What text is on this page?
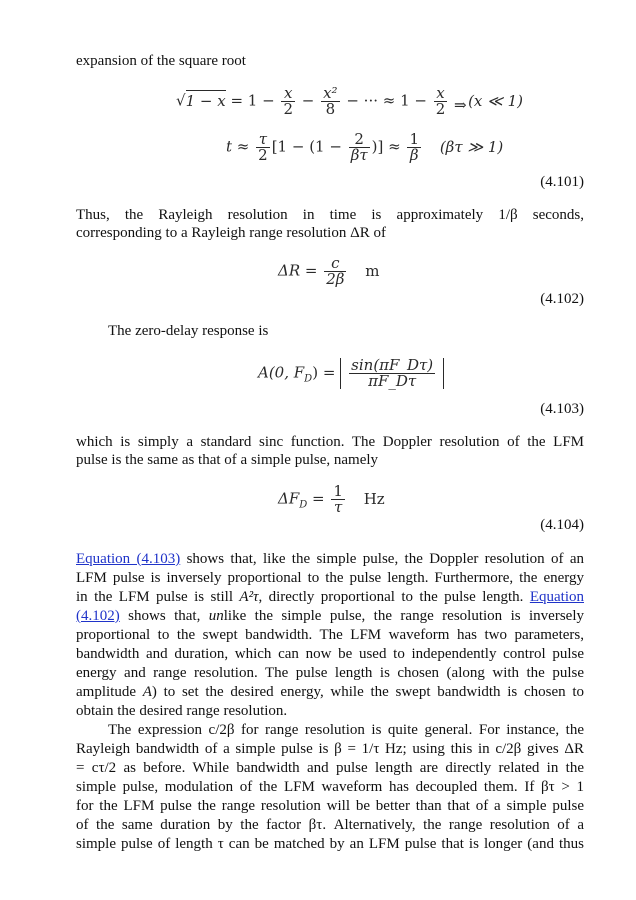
expansion of the square root
$√1 - x = 1 - \frac{x}{2} - \frac{\text{x²}}{8}$ − ··· ≈ $1 - \frac{x}{2} (x$ ≪ 1)
⇒
$t \approx \frac{\tau}{2} [1 - (1 - \frac{2}{\beta\tau}$ )] ≈ $\frac{1}{\beta} (\beta\tau$ ≫ 1)
(4.101)
Thus, the Rayleigh resolution in time is approximately 1/β seconds,
corresponding to a Rayleigh range resolution ΔR of
$\Delta R = \frac{c}{2\beta}$ m
(4.102)
The zero-delay response is
A(0, $F_D) = \frac{\sin(\pi F\_D\tau)}{\pi F\_D\tau}$
(4.103)
which is simply a standard sinc function. The Doppler resolution of the LFM
pulse is the same as that of a simple pulse, namely
$\Delta F_D = \frac{1}{\tau}$ Hz
(4.104)
Equation (4.103) shows that, like the simple pulse, the Doppler resolution of an
LFM pulse is inversely proportional to the pulse length. Furthermore, the energy
in the LFM pulse is still A²τ, directly proportional to the pulse length. Equation
(4.102) shows that, unlike the simple pulse, the range resolution is inversely
proportional to the swept bandwidth. The LFM waveform has two parameters,
bandwidth and duration, which can now be used to independently control pulse
energy and range resolution. The pulse length is chosen (along with the pulse
amplitude A) to set the desired energy, while the swept bandwidth is chosen to
obtain the desired range resolution.
The expression c/2β for range resolution is quite general. For instance, the
Rayleigh bandwidth of a simple pulse is β = 1/τ Hz; using this in c/2β gives ΔR
= cτ/2 as before. While bandwidth and pulse length are directly related in the
simple pulse, modulation of the LFM waveform has decoupled them. If βτ > 1
for the LFM pulse the range resolution will be better than that of a simple pulse
of the same duration by the factor βτ. Alternatively, the range resolution of a
simple pulse of length τ can be matched by an LFM pulse that is longer (and thus
